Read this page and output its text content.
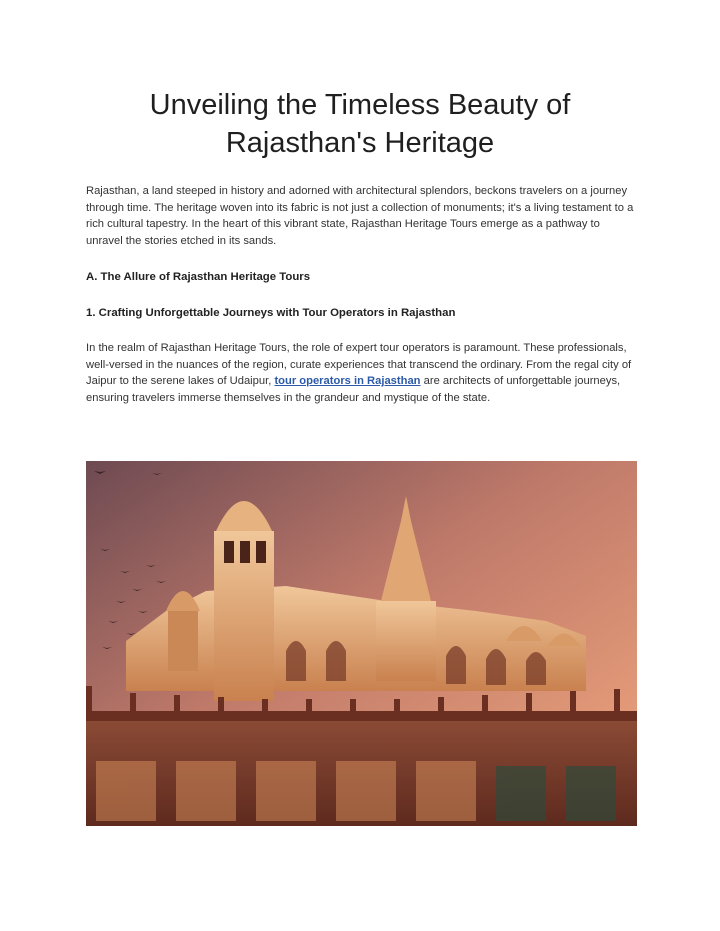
Unveiling the Timeless Beauty of
Rajasthan's Heritage

Rajasthan, a land steeped in history and adorned with architectural splendors, beckons travelers on a journey through time. The heritage woven into its fabric is not just a collection of monuments; it's a living testament to a rich cultural tapestry. In the heart of this vibrant state, Rajasthan Heritage Tours emerge as a pathway to unravel the stories etched in its sands.

A. The Allure of Rajasthan Heritage Tours

1. Crafting Unforgettable Journeys with Tour Operators in Rajasthan

In the realm of Rajasthan Heritage Tours, the role of expert tour operators is paramount. These professionals, well-versed in the nuances of the region, curate experiences that transcend the ordinary. From the regal city of Jaipur to the serene lakes of Udaipur, tour operators in Rajasthan are architects of unforgettable journeys, ensuring travelers immerse themselves in the grandeur and mystique of the state.
